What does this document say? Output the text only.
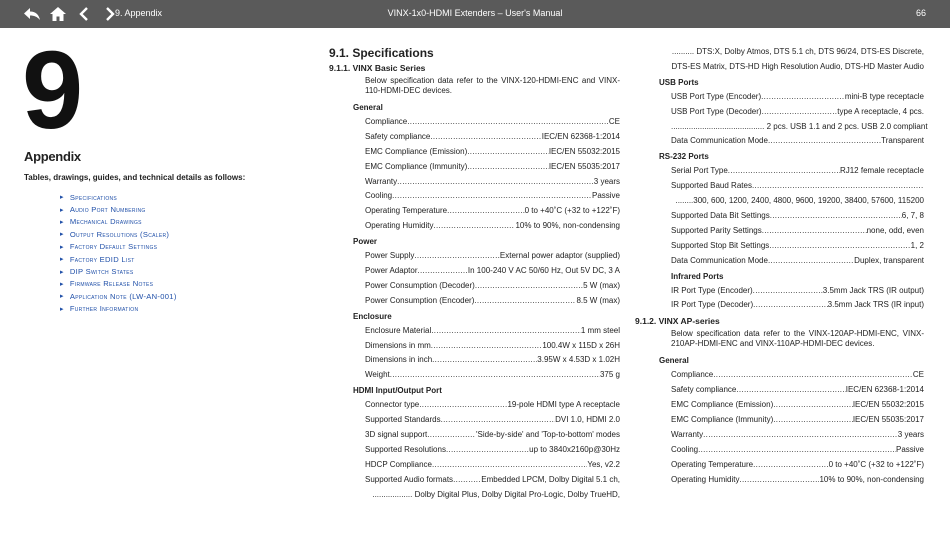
9. Appendix	VINX-1x0-HDMI Extenders – User's Manual	66
9
Appendix
Tables, drawings, guides, and technical details as follows:
▸ Specifications
▸ Audio Port Numbering
▸ Mechanical Drawings
▸ Output Resolutions (Scaler)
▸ Factory Default Settings
▸ Factory EDID List
▸ DIP Switch States
▸ Firmware Release Notes
▸ Application Note (LW-AN-001)
▸ Further Information
9.1. Specifications
9.1.1. VINX Basic Series
Below specification data refer to the VINX-120-HDMI-ENC and VINX-110-HDMI-DEC devices.
General
Compliance .....	CE
Safety compliance .....	IEC/EN 62368-1:2014
EMC Compliance (Emission) .....	IEC/EN 55032:2015
EMC Compliance (Immunity) .....	IEC/EN 55035:2017
Warranty .....	3 years
Cooling .....	Passive
Operating Temperature .....	0 to +40˚C (+32 to +122˚F)
Operating Humidity .....	10% to 90%, non-condensing
Power
Power Supply .....	External power adaptor (supplied)
Power Adaptor .....	In 100-240 V AC 50/60 Hz, Out 5V DC, 3 A
Power Consumption (Decoder) .....	5 W (max)
Power Consumption (Encoder) .....	8.5 W (max)
Enclosure
Enclosure Material .....	1 mm steel
Dimensions in mm .....	100.4W x 115D x 26H
Dimensions in inch .....	3.95W x 4.53D x 1.02H
Weight .....	375 g
HDMI Input/Output Port
Connector type .....	19-pole HDMI type A receptacle
Supported Standards .....	DVI 1.0, HDMI 2.0
3D signal support .....	'Side-by-side' and 'Top-to-bottom' modes
Supported Resolutions .....	up to 3840x2160p@30Hz
HDCP Compliance .....	Yes, v2.2
Supported Audio formats .....	Embedded LPCM, Dolby Digital 5.1 ch,
.................. Dolby Digital Plus, Dolby Digital Pro-Logic, Dolby TrueHD,
.......... DTS:X, Dolby Atmos, DTS 5.1 ch, DTS 96/24, DTS-ES Discrete,
DTS-ES Matrix, DTS-HD High Resolution Audio, DTS-HD Master Audio
USB Ports
USB Port Type (Encoder) .....	mini-B type receptacle
USB Port Type (Decoder) .....	type A receptacle, 4 pcs.
.......................................... 2 pcs. USB 1.1 and 2 pcs. USB 2.0 compliant
Data Communication Mode .....	Transparent
RS-232 Ports
Serial Port Type .....	RJ12 female receptacle
Supported Baud Rates
.....
........300, 600, 1200, 2400, 4800, 9600, 19200, 38400, 57600, 115200
Supported Data Bit Settings .....	6, 7, 8
Supported Parity Settings .....	none, odd, even
Supported Stop Bit Settings .....	1, 2
Data Communication Mode .....	Duplex, transparent
Infrared Ports
IR Port Type (Encoder) .....	3.5mm Jack TRS (IR output)
IR Port Type (Decoder) .....	3.5mm Jack TRS (IR input)
9.1.2. VINX AP-series
Below specification data refer to the VINX-120AP-HDMI-ENC, VINX-210AP-HDMI-ENC and VINX-110AP-HDMI-DEC devices.
General
Compliance .....	CE
Safety compliance .....	IEC/EN 62368-1:2014
EMC Compliance (Emission) .....	IEC/EN 55032:2015
EMC Compliance (Immunity) .....	IEC/EN 55035:2017
Warranty .....	3 years
Cooling .....	Passive
Operating Temperature .....	0 to +40˚C (+32 to +122˚F)
Operating Humidity .....	10% to 90%, non-condensing
